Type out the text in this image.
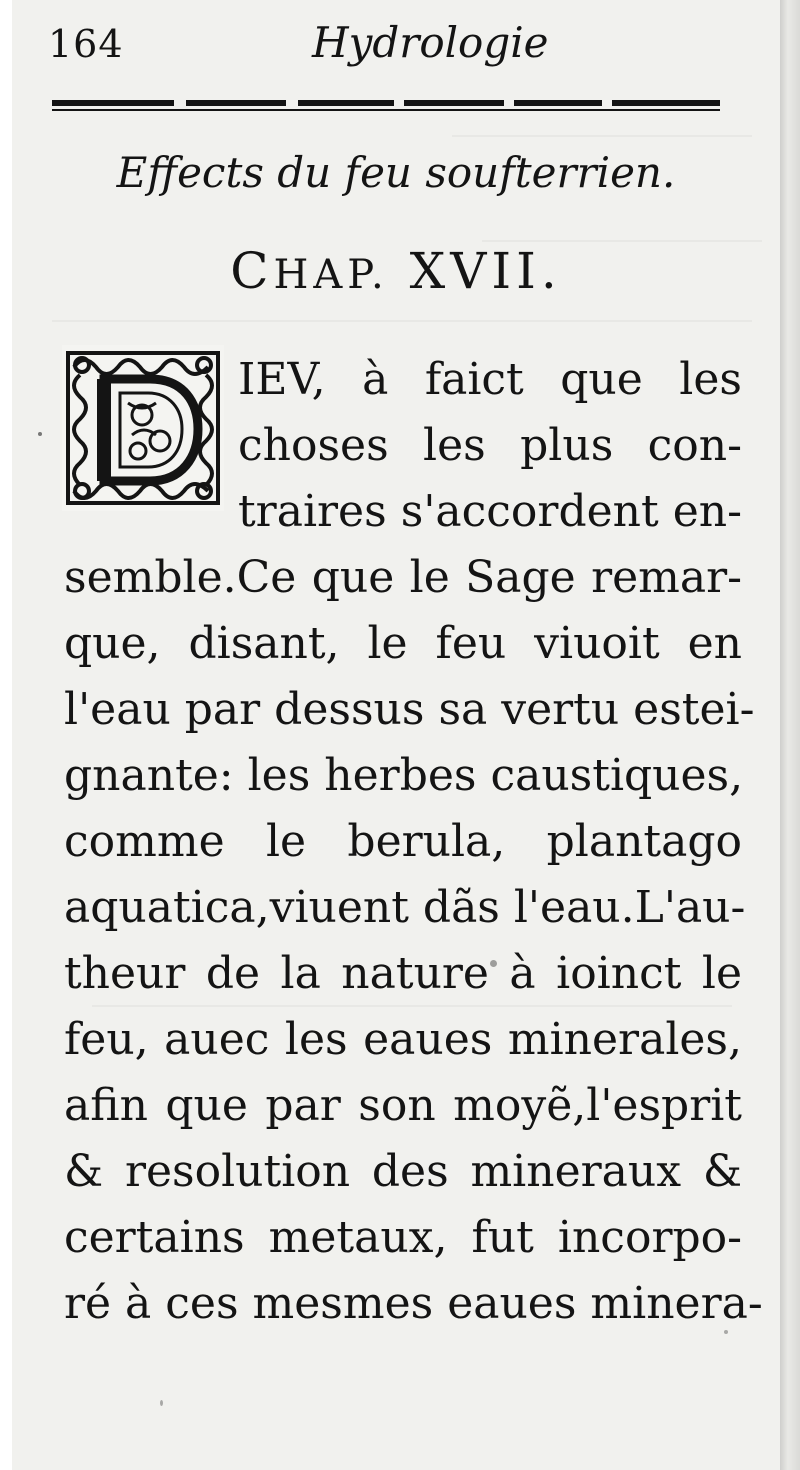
164	Hydrologie
Effects du feu soufterrien.
CHAP. XVII.
IEV, à faict que les
choses les plus con-
traires s'accordent en-
semble.Ce que le Sage remar-
que, disant, le feu viuoit en
l'eau par dessus sa vertu estei-
gnante: les herbes caustiques,
comme le berula, plantago
aquatica,viuent dãs l'eau.L'au-
theur de la nature à ioinct le
feu, auec les eaues minerales,
afin que par son moyẽ,l'esprit
& resolution des mineraux &
certains metaux, fut incorpo-
ré à ces mesmes eaues minera-
